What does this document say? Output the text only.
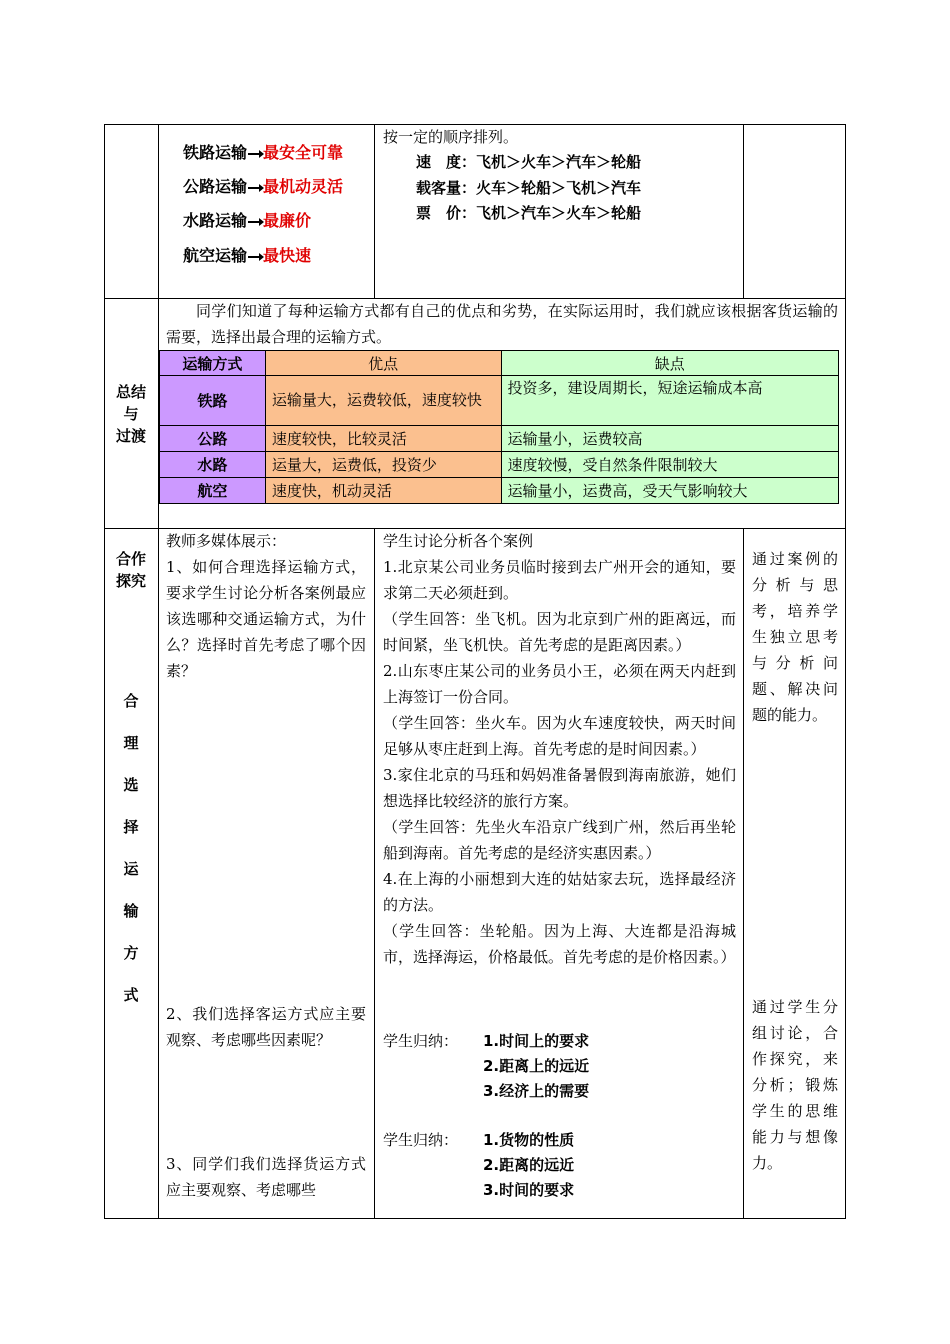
铁路运输 最安全可靠
公路运输 最机动灵活
水路运输 最廉价
航空运输 最快速
按一定的顺序排列。
速　度：飞机＞火车＞汽车＞轮船
载客量：火车＞轮船＞飞机＞汽车
票　价：飞机＞汽车＞火车＞轮船
总结
与
过渡

同学们知道了每种运输方式都有自己的优点和劣势，在实际运用时，我们就应该根据客货运输的需要，选择出最合理的运输方式。

运输方式	优点	缺点
铁路	运输量大，运费较低，速度较快	投资多，建设周期长，短途运输成本高
公路	速度较快，比较灵活	运输量小，运费较高
水路	运量大，运费低，投资少	速度较慢，受自然条件限制较大
航空	速度快，机动灵活	运输量小，运费高，受天气影响较大
合作
探究
合
理
选
择
运
输
方
式
教师多媒体展示：
1、如何合理选择运输方式，要求学生讨论分析各案例最应该选哪种交通运输方式，为什么？选择时首先考虑了哪个因素？
2、我们选择客运方式应主要观察、考虑哪些因素呢？
3、同学们我们选择货运方式应主要观察、考虑哪些

学生讨论分析各个案例

1.北京某公司业务员临时接到去广州开会的通知，要求第二天必须赶到。

（学生回答：坐飞机。因为北京到广州的距离远，而时间紧，坐飞机快。首先考虑的是距离因素。）

2.山东枣庄某公司的业务员小王，必须在两天内赶到上海签订一份合同。

（学生回答：坐火车。因为火车速度较快，两天时间足够从枣庄赶到上海。首先考虑的是时间因素。）

3.家住北京的马珏和妈妈准备暑假到海南旅游，她们想选择比较经济的旅行方案。

（学生回答：先坐火车沿京广线到广州，然后再坐轮船到海南。首先考虑的是经济实惠因素。）

4.在上海的小丽想到大连的姑姑家去玩，选择最经济的方法。

（学生回答：坐轮船。因为上海、大连都是沿海城市，选择海运，价格最低。首先考虑的是价格因素。）

学生归纳： 1.时间上的要求
2.距离上的远近
3.经济上的需要
学生归纳： 1.货物的性质
2.距离的远近
3.时间的要求
通过案例的分析与思考，培养学生独立思考与分析问题、解决问题的能力。
通过学生分组讨论，合作探究，来分析；锻炼学生的思维能力与想像力。
